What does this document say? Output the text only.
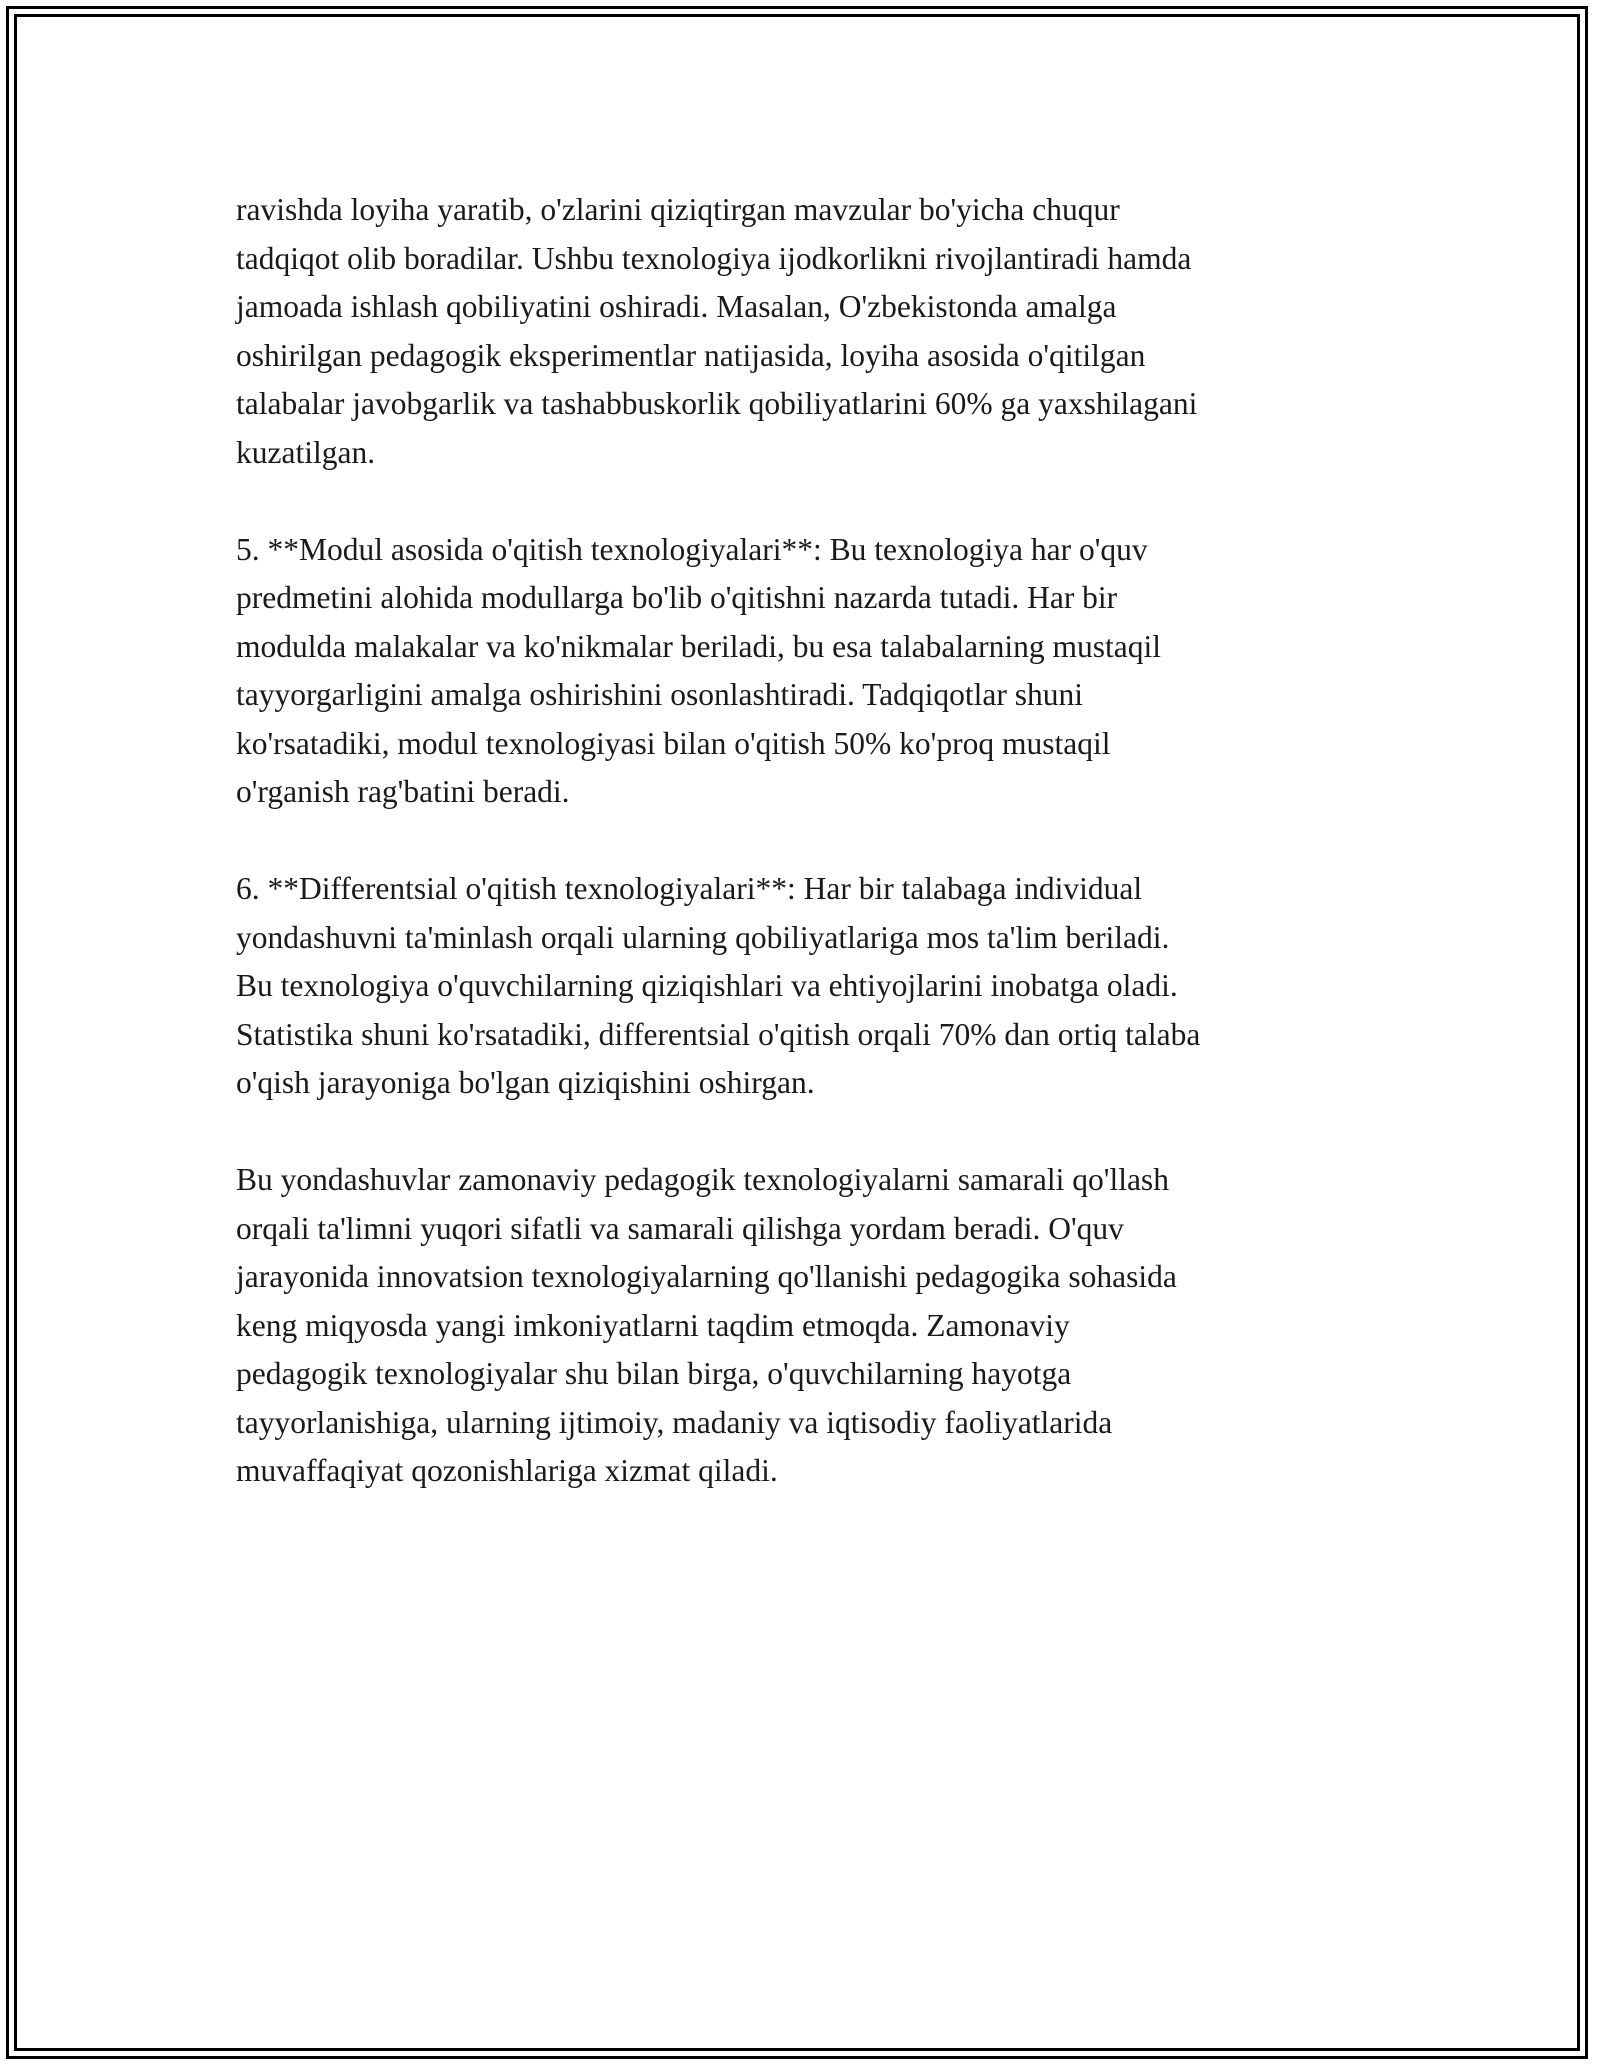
ravishda loyiha yaratib, o'zlarini qiziqtirgan mavzular bo'yicha chuqur
tadqiqot olib boradilar. Ushbu texnologiya ijodkorlikni rivojlantiradi hamda
jamoada ishlash qobiliyatini oshiradi. Masalan, O'zbekistonda amalga
oshirilgan pedagogik eksperimentlar natijasida, loyiha asosida o'qitilgan
talabalar javobgarlik va tashabbuskorlik qobiliyatlarini 60% ga yaxshilagani
kuzatilgan.
5. **Modul asosida o'qitish texnologiyalari**: Bu texnologiya har o'quv
predmetini alohida modullarga bo'lib o'qitishni nazarda tutadi. Har bir
modulda malakalar va ko'nikmalar beriladi, bu esa talabalarning mustaqil
tayyorgarligini amalga oshirishini osonlashtiradi. Tadqiqotlar shuni
ko'rsatadiki, modul texnologiyasi bilan o'qitish 50% ko'proq mustaqil
o'rganish rag'batini beradi.
6. **Differentsial o'qitish texnologiyalari**: Har bir talabaga individual
yondashuvni ta'minlash orqali ularning qobiliyatlariga mos ta'lim beriladi.
Bu texnologiya o'quvchilarning qiziqishlari va ehtiyojlarini inobatga oladi.
Statistika shuni ko'rsatadiki, differentsial o'qitish orqali 70% dan ortiq talaba
o'qish jarayoniga bo'lgan qiziqishini oshirgan.
Bu yondashuvlar zamonaviy pedagogik texnologiyalarni samarali qo'llash
orqali ta'limni yuqori sifatli va samarali qilishga yordam beradi. O'quv
jarayonida innovatsion texnologiyalarning qo'llanishi pedagogika sohasida
keng miqyosda yangi imkoniyatlarni taqdim etmoqda. Zamonaviy
pedagogik texnologiyalar shu bilan birga, o'quvchilarning hayotga
tayyorlanishiga, ularning ijtimoiy, madaniy va iqtisodiy faoliyatlarida
muvaffaqiyat qozonishlariga xizmat qiladi.
